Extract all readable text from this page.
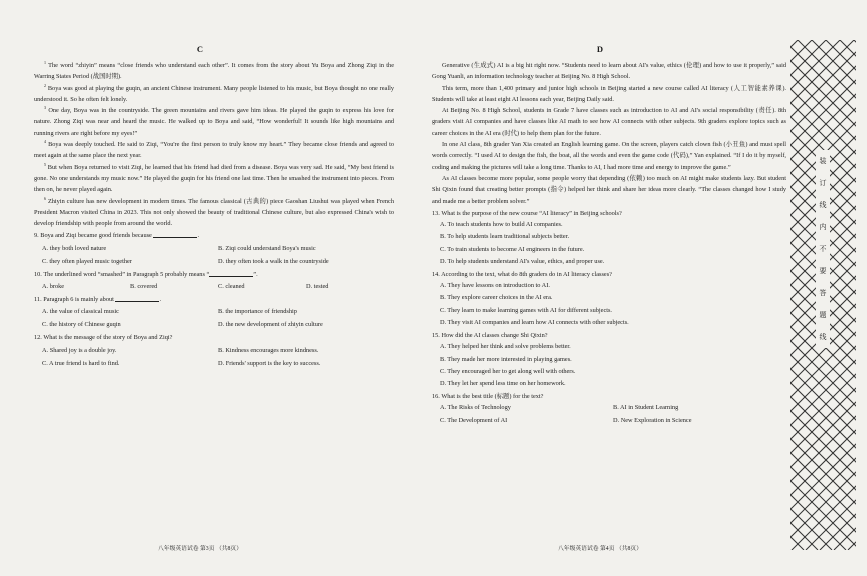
C

$^1$ The word “zhiyin” means “close friends who understand each other”. It comes from the story about Yu Boya and Zhong Ziqi in the Warring States Period (战国时期).

$^2$ Boya was good at playing the guqin, an ancient Chinese instrument. Many people listened to his music, but Boya thought no one really understood it. So he often felt lonely.

$^3$ One day, Boya was in the countryside. The green mountains and rivers gave him ideas. He played the guqin to express his love for nature. Zhong Ziqi was near and heard the music. He walked up to Boya and said, “How wonderful! It sounds like high mountains and running rivers are right before my eyes!”

$^4$ Boya was deeply touched. He said to Ziqi, “You're the first person to truly know my heart.” They became close friends and agreed to meet again at the same place the next year.

$^5$ But when Boya returned to visit Ziqi, he learned that his friend had died from a disease. Boya was very sad. He said, “My best friend is gone. No one understands my music now.” He played the guqin for his friend one last time. Then he smashed the instrument into pieces. From then on, he never played again.

$^6$ Zhiyin culture has new development in modern times. The famous classical (古典的) piece Gaoshan Liushui was played when French President Macron visited China in 2023. This not only showed the beauty of traditional Chinese culture, but also expressed China's wish to develop friendship with people from around the world.

9. Boya and Ziqi became good friends because	.
A. they both loved nature	B. Ziqi could understand Boya's music
C. they often played music together	D. they often took a walk in the countryside
10. The underlined word “smashed” in Paragraph 5 probably means “	”.
A. broke	B. covered	C. cleaned	D. tested
11. Paragraph 6 is mainly about	.
A. the value of classical music	B. the importance of friendship
C. the history of Chinese guqin	D. the new development of zhiyin culture
12. What is the message of the story of Boya and Ziqi?
A. Shared joy is a double joy.	B. Kindness encourages more kindness.
C. A true friend is hard to find.	D. Friends' support is the key to success.
八年级英语试卷 第3页 （共8页）
D

Generative (生成式) AI is a big hit right now. “Students need to learn about AI's value, ethics (伦理) and how to use it properly,” said Gong Yuanli, an information technology teacher at Beijing No. 8 High School.

This term, more than 1,400 primary and junior high schools in Beijing started a new course called AI literacy (人工智能素养课). Students will take at least eight AI lessons each year, Beijing Daily said.

At Beijing No. 8 High School, students in Grade 7 have classes such as introduction to AI and AI's social responsibility (责任). 8th graders visit AI companies and have classes like AI math to see how AI connects with other subjects. 9th graders explore topics such as career choices in the AI era (时代) to help them plan for the future.

In one AI class, 8th grader Yan Xia created an English learning game. On the screen, players catch clown fish (小丑鱼) and must spell words correctly. “I used AI to design the fish, the boat, all the words and even the game code (代码),” Yan explained. “If I do it by myself, coding and making the pictures will take a long time. Thanks to AI, I had more time and energy to improve the game.”

As AI classes become more popular, some people worry that depending (依赖) too much on AI might make students lazy. But student Shi Qixin found that creating better prompts (指令) helped her think and share her ideas more clearly. “The classes changed how I study and made me a better problem solver.”

13. What is the purpose of the new course “AI literacy” in Beijing schools?
A. To teach students how to build AI companies.
B. To help students learn traditional subjects better.
C. To train students to become AI engineers in the future.
D. To help students understand AI's value, ethics, and proper use.
14. According to the text, what do 8th graders do in AI literacy classes?
A. They have lessons on introduction to AI.
B. They explore career choices in the AI era.
C. They learn to make learning games with AI for different subjects.
D. They visit AI companies and learn how AI connects with other subjects.
15. How did the AI classes change Shi Qixin?
A. They helped her think and solve problems better.
B. They made her more interested in playing games.
C. They encouraged her to get along well with others.
D. They let her spend less time on her homework.
16. What is the best title (标题) for the text?
A. The Risks of Technology	B. AI in Student Learning
C. The Development of AI	D. New Exploration in Science
八年级英语试卷 第4页 （共8页）
装
订
线
内
不
要
答
题
线
